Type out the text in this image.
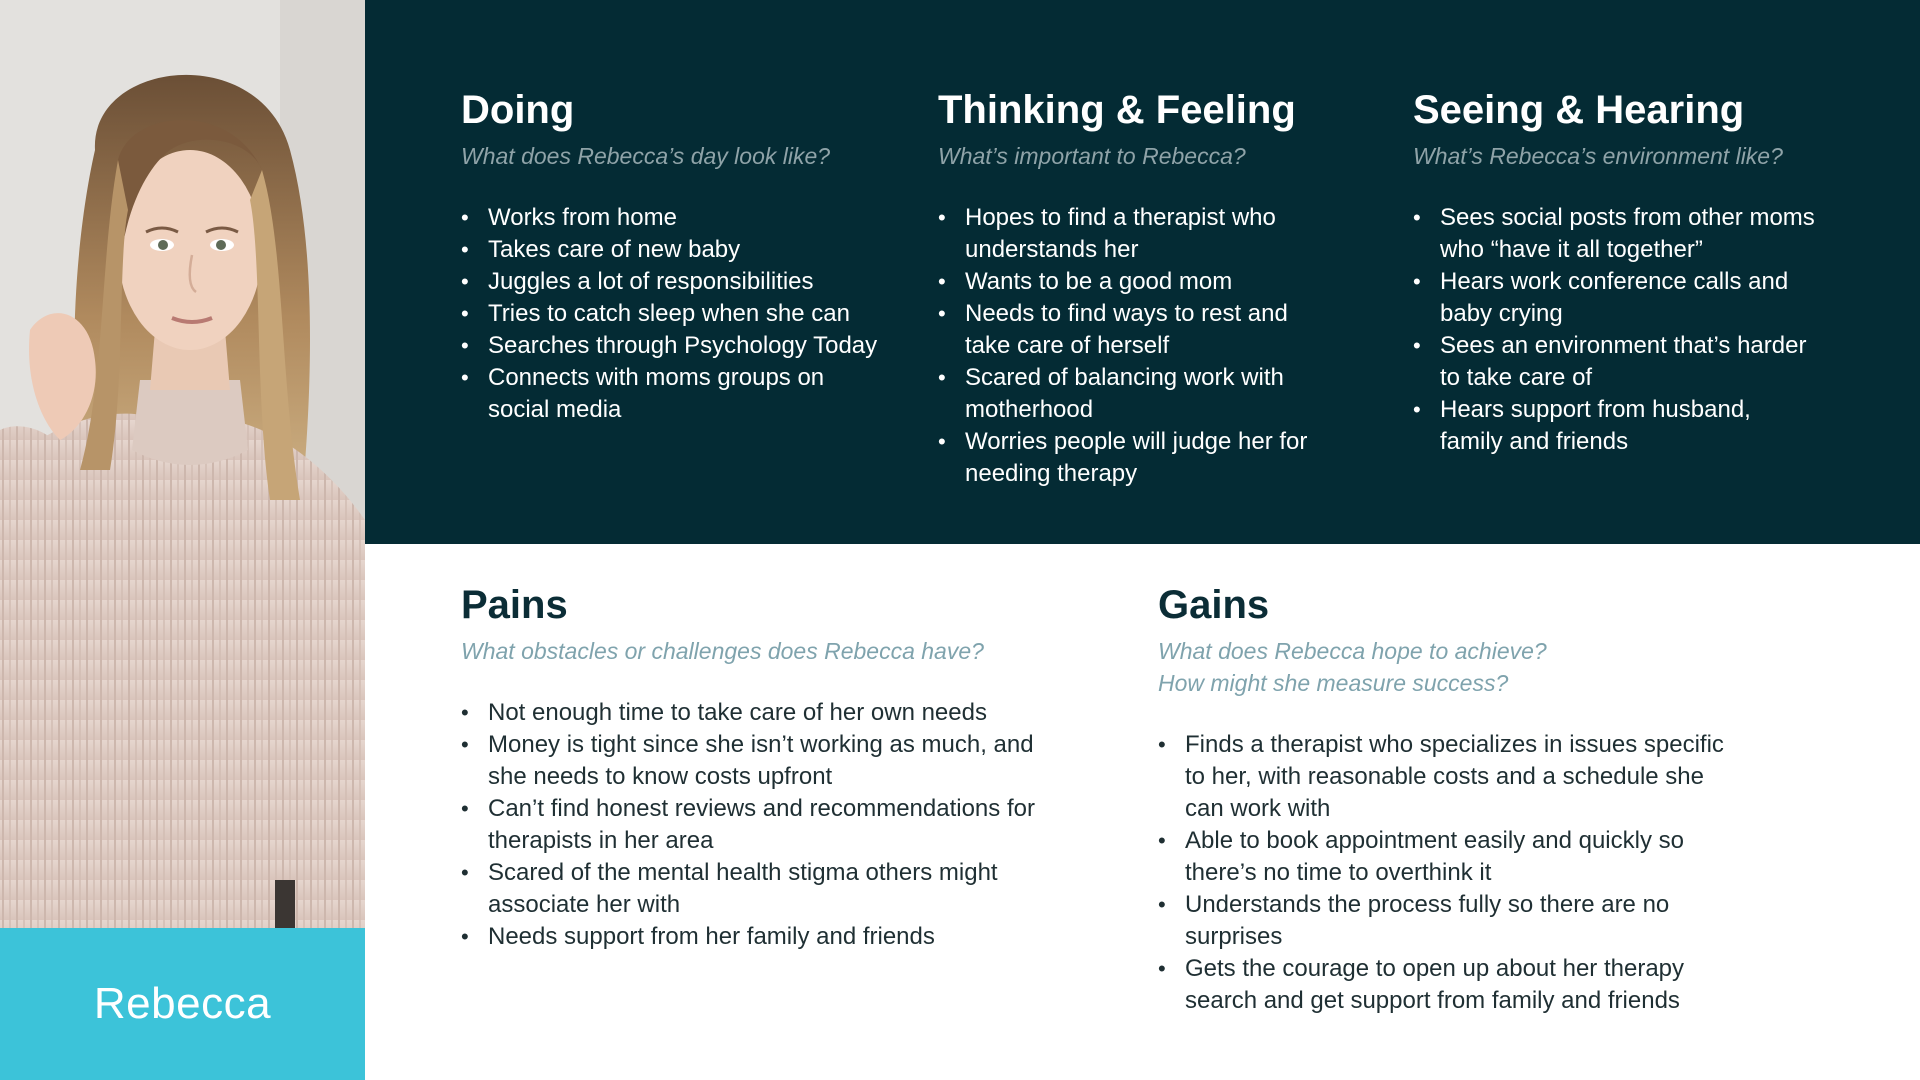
Rebecca
Doing
What does Rebecca’s day look like?
• Works from home
• Takes care of new baby
• Juggles a lot of responsibilities
• Tries to catch sleep when she can
• Searches through Psychology Today
• Connects with moms groups on social media
Thinking & Feeling
What’s important to Rebecca?
• Hopes to find a therapist who understands her
• Wants to be a good mom
• Needs to find ways to rest and take care of herself
• Scared of balancing work with motherhood
• Worries people will judge her for needing therapy
Seeing & Hearing
What’s Rebecca’s environment like?
• Sees social posts from other moms who “have it all together”
• Hears work conference calls and baby crying
• Sees an environment that’s harder to take care of
• Hears support from husband, family and friends
Pains
What obstacles or challenges does Rebecca have?
• Not enough time to take care of her own needs
• Money is tight since she isn’t working as much, and she needs to know costs upfront
• Can’t find honest reviews and recommendations for therapists in her area
• Scared of the mental health stigma others might associate her with
• Needs support from her family and friends
Gains
What does Rebecca hope to achieve?
How might she measure success?
• Finds a therapist who specializes in issues specific to her, with reasonable costs and a schedule she can work with
• Able to book appointment easily and quickly so there’s no time to overthink it
• Understands the process fully so there are no surprises
• Gets the courage to open up about her therapy search and get support from family and friends
